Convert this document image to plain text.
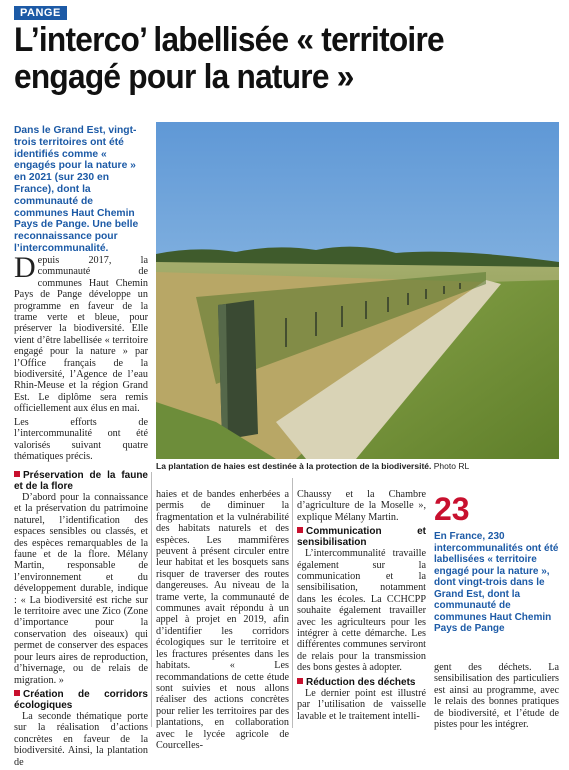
PANGE
L’interco’ labellisée « territoire
engagé pour la nature »
Dans le Grand Est, vingt-trois territoires ont été identifiés comme « engagés pour la nature » en 2021 (sur 230 en France), dont la communauté de communes Haut Chemin Pays de Pange. Une belle reconnaissance pour l’intercommunalité.

Depuis 2017, la communauté de communes Haut Chemin Pays de Pange développe un programme en faveur de la trame verte et bleue, pour préserver la biodiversité. Elle vient d’être labellisée « territoire engagé pour la nature » par l’Office français de la biodiversité, l’Agence de l’eau Rhin-Meuse et la région Grand Est. Le diplôme sera remis officiellement aux élus en mai.

Les efforts de l’intercommunalité ont été valorisés suivant quatre thématiques précis.

La plantation de haies est destinée à la protection de la biodiversité. Photo RL
Préservation de la faune et de la flore

D’abord pour la connaissance et la préservation du patrimoine naturel, l’identification des espaces sensibles ou classés, et des espèces remarquables de la faune et de la flore. Mélany Martin, responsable de l’environnement et du développement durable, indique : « La biodiversité est riche sur le territoire avec une Zico (Zone d’importance pour la conservation des oiseaux) qui permet de conserver des espaces pour leurs aires de reproduction, d’hivernage, ou de relais de migration. »

Création de corridors écologiques

La seconde thématique porte sur la réalisation d’actions concrètes en faveur de la biodiversité. Ainsi, la plantation de

haies et de bandes enherbées a permis de diminuer la fragmentation et la vulnérabilité des habitats naturels et des espèces. Les mammifères peuvent à présent circuler entre leur habitat et les bosquets sans risquer de traverser des routes dangereuses. Au niveau de la trame verte, la communauté de communes avait répondu à un appel à projet en 2019, afin d’identifier les corridors écologiques sur le territoire et les fractures présentes dans les habitats. « Les recommandations de cette étude sont suivies et nous allons réaliser des actions concrètes pour relier les territoires par des plantations, en collaboration avec le lycée agricole de Courcelles-

Chaussy et la Chambre d’agriculture de la Moselle », explique Mélany Martin.

Communication et sensibilisation

L’intercommunalité travaille également sur la communication et la sensibilisation, notamment dans les écoles. La CCHCPP souhaite également travailler avec les agriculteurs pour les intégrer à cette démarche. Les différentes communes serviront de relais pour la transmission des bons gestes à adopter.

Réduction des déchets

Le dernier point est illustré par l’utilisation de vaisselle lavable et le traitement intelli-

23
En France, 230 intercommunalités ont été labellisées « territoire engagé pour la nature », dont vingt-trois dans le Grand Est, dont la communauté de communes Haut Chemin Pays de Pange

gent des déchets. La sensibilisation des particuliers est ainsi au programme, avec le relais des bonnes pratiques de biodiversité, et l’étude de pistes pour les intégrer.
